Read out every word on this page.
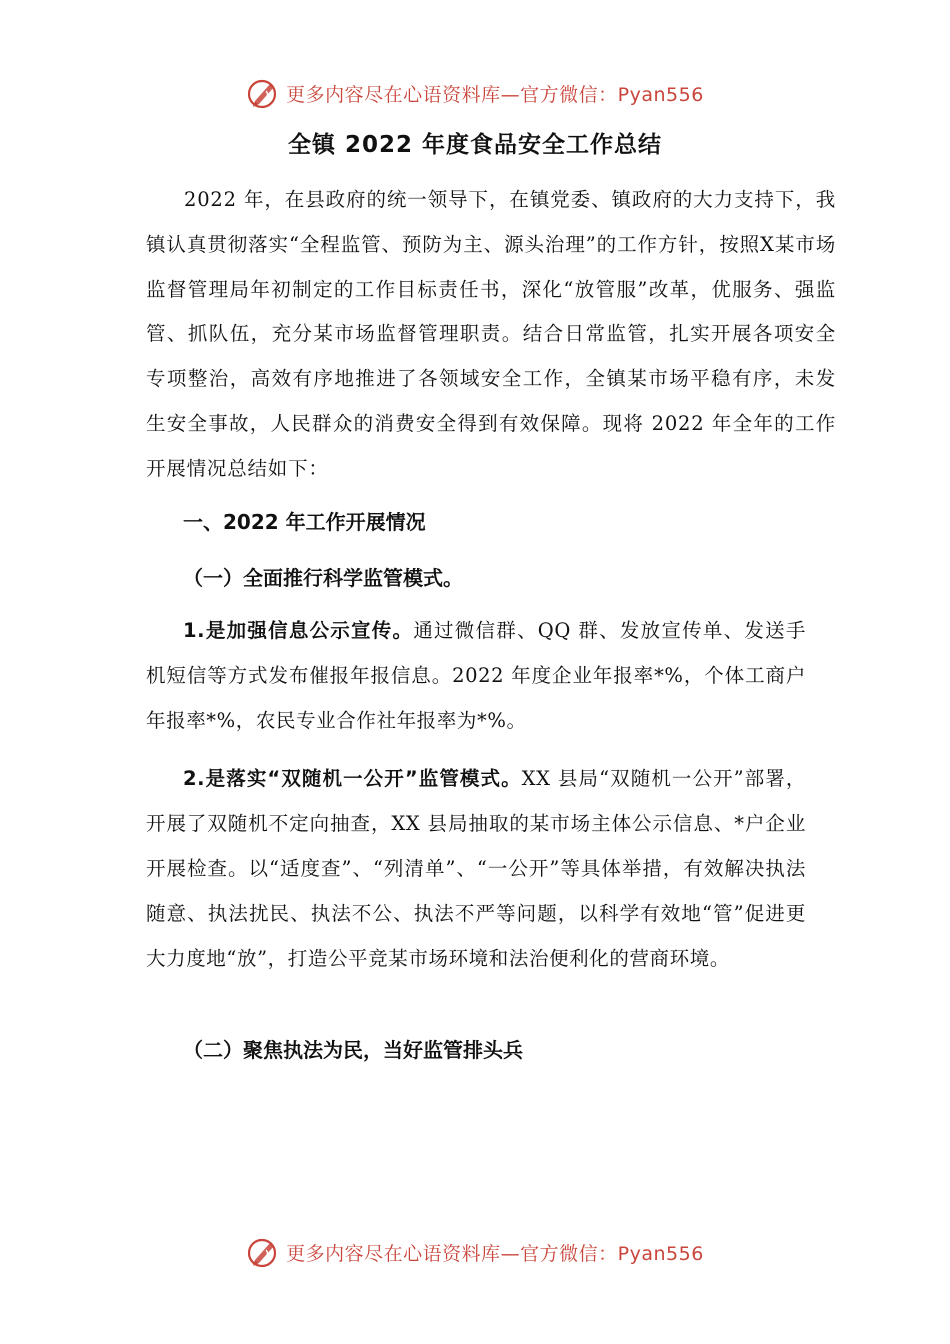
更多内容尽在心语资料库—官方微信：Pyan556
全镇 2022 年度食品安全工作总结
2022 年，在县政府的统一领导下，在镇党委、镇政府的大力支持下，我镇认真贯彻落实“全程监管、预防为主、源头治理”的工作方针，按照X某市场监督管理局年初制定的工作目标责任书，深化“放管服”改革，优服务、强监管、抓队伍，充分某市场监督管理职责。结合日常监管，扎实开展各项安全专项整治，高效有序地推进了各领域安全工作，全镇某市场平稳有序，未发生安全事故，人民群众的消费安全得到有效保障。现将 2022 年全年的工作开展情况总结如下：
一、2022 年工作开展情况
（一）全面推行科学监管模式。
1.是加强信息公示宣传。通过微信群、QQ 群、发放宣传单、发送手机短信等方式发布催报年报信息。2022 年度企业年报率*%，个体工商户年报率*%，农民专业合作社年报率为*%。
2.是落实“双随机一公开”监管模式。XX 县局“双随机一公开”部署，开展了双随机不定向抽查，XX 县局抽取的某市场主体公示信息、*户企业开展检查。以“适度查”、“列清单”、“一公开”等具体举措，有效解决执法随意、执法扰民、执法不公、执法不严等问题，以科学有效地“管”促进更大力度地“放”，打造公平竞某市场环境和法治便利化的营商环境。
（二）聚焦执法为民，当好监管排头兵
更多内容尽在心语资料库—官方微信：Pyan556
